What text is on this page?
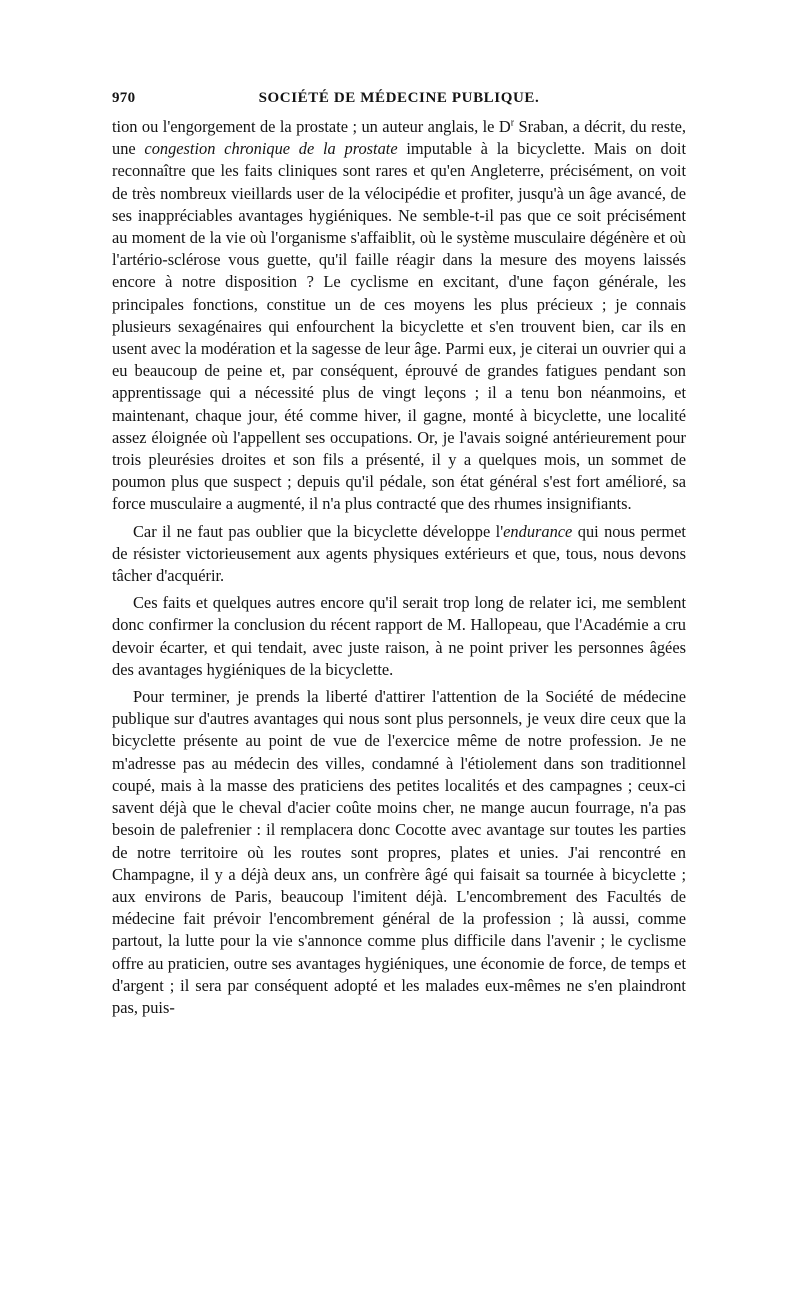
970	SOCIÉTÉ DE MÉDECINE PUBLIQUE.

tion ou l'engorgement de la prostate ; un auteur anglais, le $D^r$ Sraban, a décrit, du reste, une congestion chronique de la prostate imputable à la bicyclette. Mais on doit reconnaître que les faits cliniques sont rares et qu'en Angleterre, précisément, on voit de très nombreux vieillards user de la vélocipédie et profiter, jusqu'à un âge avancé, de ses inappréciables avantages hygiéniques. Ne semble-t-il pas que ce soit précisément au moment de la vie où l'organisme s'affaiblit, où le système musculaire dégénère et où l'artério-sclérose vous guette, qu'il faille réagir dans la mesure des moyens laissés encore à notre disposition ? Le cyclisme en excitant, d'une façon générale, les principales fonctions, constitue un de ces moyens les plus précieux ; je connais plusieurs sexagénaires qui enfourchent la bicyclette et s'en trouvent bien, car ils en usent avec la modération et la sagesse de leur âge. Parmi eux, je citerai un ouvrier qui a eu beaucoup de peine et, par conséquent, éprouvé de grandes fatigues pendant son apprentissage qui a nécessité plus de vingt leçons ; il a tenu bon néanmoins, et maintenant, chaque jour, été comme hiver, il gagne, monté à bicyclette, une localité assez éloignée où l'appellent ses occupations. Or, je l'avais soigné antérieurement pour trois pleurésies droites et son fils a présenté, il y a quelques mois, un sommet de poumon plus que suspect ; depuis qu'il pédale, son état général s'est fort amélioré, sa force musculaire a augmenté, il n'a plus contracté que des rhumes insignifiants.

Car il ne faut pas oublier que la bicyclette développe l'endurance qui nous permet de résister victorieusement aux agents physiques extérieurs et que, tous, nous devons tâcher d'acquérir.

Ces faits et quelques autres encore qu'il serait trop long de relater ici, me semblent donc confirmer la conclusion du récent rapport de M. Hallopeau, que l'Académie a cru devoir écarter, et qui tendait, avec juste raison, à ne point priver les personnes âgées des avantages hygiéniques de la bicyclette.

Pour terminer, je prends la liberté d'attirer l'attention de la Société de médecine publique sur d'autres avantages qui nous sont plus personnels, je veux dire ceux que la bicyclette présente au point de vue de l'exercice même de notre profession. Je ne m'adresse pas au médecin des villes, condamné à l'étiolement dans son traditionnel coupé, mais à la masse des praticiens des petites localités et des campagnes ; ceux-ci savent déjà que le cheval d'acier coûte moins cher, ne mange aucun fourrage, n'a pas besoin de palefrenier : il remplacera donc Cocotte avec avantage sur toutes les parties de notre territoire où les routes sont propres, plates et unies. J'ai rencontré en Champagne, il y a déjà deux ans, un confrère âgé qui faisait sa tournée à bicyclette ; aux environs de Paris, beaucoup l'imitent déjà. L'encombrement des Facultés de médecine fait prévoir l'encombrement général de la profession ; là aussi, comme partout, la lutte pour la vie s'annonce comme plus difficile dans l'avenir ; le cyclisme offre au praticien, outre ses avantages hygiéniques, une économie de force, de temps et d'argent ; il sera par conséquent adopté et les malades eux-mêmes ne s'en plaindront pas, puis-
